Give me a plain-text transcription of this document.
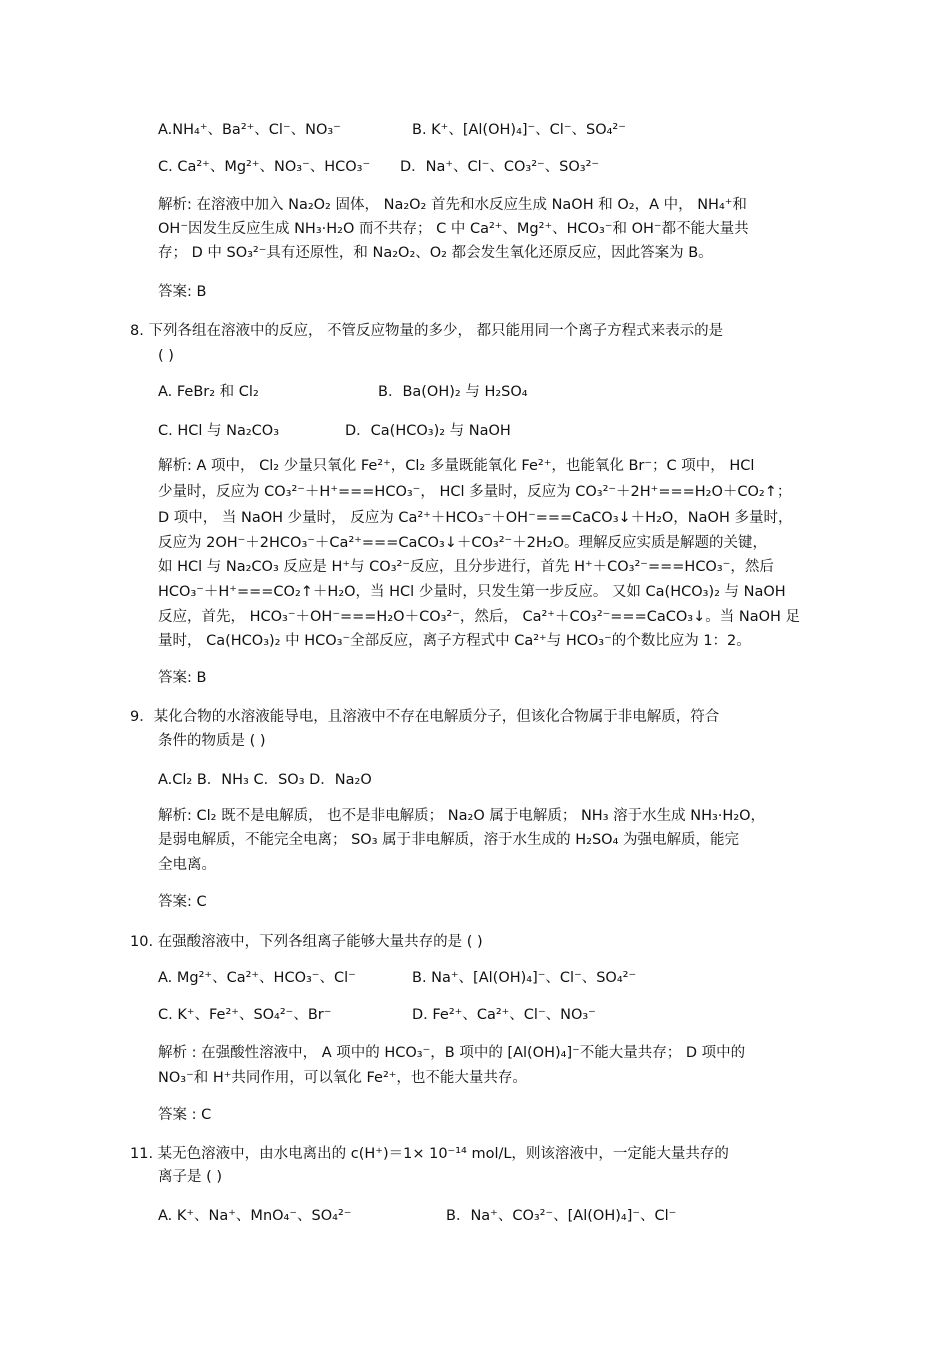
A.NH₄⁺、Ba²⁺、Cl⁻、NO₃⁻	B. K⁺、[Al(OH)₄]⁻、Cl⁻、SO₄²⁻
C. Ca²⁺、Mg²⁺、NO₃⁻、HCO₃⁻ D．Na⁺、Cl⁻、CO₃²⁻、SO₃²⁻
解析: 在溶液中加入 Na₂O₂ 固体， Na₂O₂ 首先和水反应生成 NaOH 和 O₂，A 中， NH₄⁺和
OH⁻因发生反应生成 NH₃·H₂O 而不共存； C 中 Ca²⁺、Mg²⁺、HCO₃⁻和 OH⁻都不能大量共
存； D 中 SO₃²⁻具有还原性，和 Na₂O₂、O₂ 都会发生氧化还原反应，因此答案为 B。
答案: B
8. 下列各组在溶液中的反应， 不管反应物量的多少， 都只能用同一个离子方程式来表示的是
( )
A. FeBr₂ 和 Cl₂	B．Ba(OH)₂ 与 H₂SO₄
C. HCl 与 Na₂CO₃	D．Ca(HCO₃)₂ 与 NaOH
解析: A 项中， Cl₂ 少量只氧化 Fe²⁺，Cl₂ 多量既能氧化 Fe²⁺，也能氧化 Br⁻；C 项中， HCl
少量时，反应为 CO₃²⁻＋H⁺===HCO₃⁻， HCl 多量时，反应为 CO₃²⁻＋2H⁺===H₂O＋CO₂↑；
D 项中， 当 NaOH 少量时， 反应为 Ca²⁺＋HCO₃⁻＋OH⁻===CaCO₃↓＋H₂O，NaOH 多量时，
反应为 2OH⁻＋2HCO₃⁻＋Ca²⁺===CaCO₃↓＋CO₃²⁻＋2H₂O。理解反应实质是解题的关键，
如 HCl 与 Na₂CO₃ 反应是 H⁺与 CO₃²⁻反应，且分步进行，首先 H⁺＋CO₃²⁻===HCO₃⁻，然后
HCO₃⁻＋H⁺===CO₂↑＋H₂O，当 HCl 少量时，只发生第一步反应。 又如 Ca(HCO₃)₂ 与 NaOH
反应，首先， HCO₃⁻＋OH⁻===H₂O＋CO₃²⁻，然后， Ca²⁺＋CO₃²⁻===CaCO₃↓。当 NaOH 足
量时， Ca(HCO₃)₂ 中 HCO₃⁻全部反应，离子方程式中 Ca²⁺与 HCO₃⁻的个数比应为 1：2。
答案: B
9．某化合物的水溶液能导电，且溶液中不存在电解质分子，但该化合物属于非电解质，符合
条件的物质是 ( )
A.Cl₂ B．NH₃ C．SO₃ D．Na₂O
解析: Cl₂ 既不是电解质， 也不是非电解质； Na₂O 属于电解质； NH₃ 溶于水生成 NH₃·H₂O，
是弱电解质，不能完全电离； SO₃ 属于非电解质，溶于水生成的 H₂SO₄ 为强电解质，能完
全电离。
答案: C
10. 在强酸溶液中，下列各组离子能够大量共存的是 ( )
A. Mg²⁺、Ca²⁺、HCO₃⁻、Cl⁻	B. Na⁺、[Al(OH)₄]⁻、Cl⁻、SO₄²⁻
C. K⁺、Fe²⁺、SO₄²⁻、Br⁻	D. Fe²⁺、Ca²⁺、Cl⁻、NO₃⁻
解析 : 在强酸性溶液中， A 项中的 HCO₃⁻，B 项中的 [Al(OH)₄]⁻不能大量共存； D 项中的
NO₃⁻和 H⁺共同作用，可以氧化 Fe²⁺，也不能大量共存。
答案 : C
11. 某无色溶液中，由水电离出的 c(H⁺)＝1× 10⁻¹⁴ mol/L，则该溶液中，一定能大量共存的
离子是 ( )
A. K⁺、Na⁺、MnO₄⁻、SO₄²⁻	B．Na⁺、CO₃²⁻、[Al(OH)₄]⁻、Cl⁻
